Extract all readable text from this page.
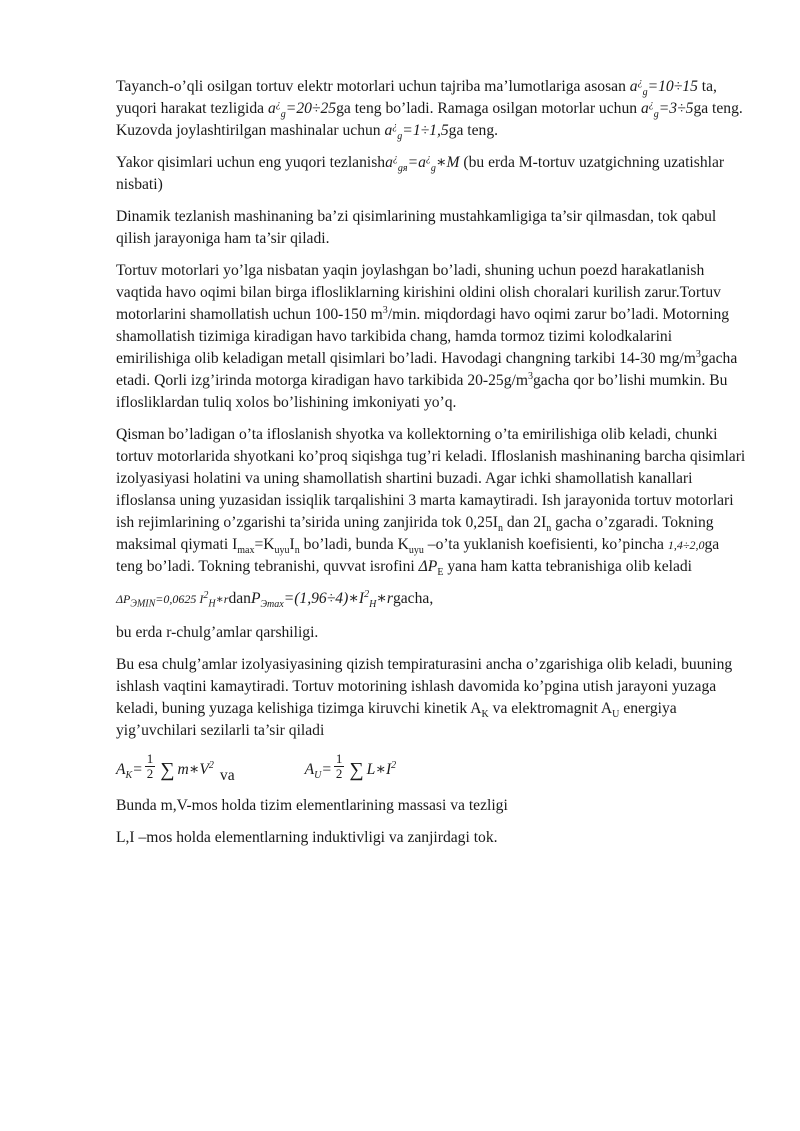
Tayanch-o’qli osilgan tortuv elektr motorlari uchun tajriba ma’lumotlariga asosan $a^¿_g=10\div 15$ ta, yuqori harakat tezligida $a^¿_g=20\div 25ga$ teng bo’ladi. Ramaga osilgan motorlar uchun $a^¿_g=3\div 5ga$ teng. Kuzovda joylashtirilgan mashinalar uchun $a^¿_g=1\div 1,5ga$ teng.

Yakor qisimlari uchun eng yuqori $tezlanisha^¿_{gя}=a^¿_g∗M$ (bu erda M-tortuv uzatgichning uzatishlar nisbati)

Dinamik tezlanish mashinaning ba’zi qisimlarining mustahkamligiga ta’sir qilmasdan, tok qabul qilish jarayoniga ham ta’sir qiladi.

Tortuv motorlari yo’lga nisbatan yaqin joylashgan bo’ladi, shuning uchun poezd harakatlanish vaqtida havo oqimi bilan birga iflosliklarning kirishini oldini olish choralari kurilish zarur.Tortuv motorlarini shamollatish uchun 100-150 $m^3/\min$. miqdordagi havo oqimi zarur bo’ladi. Motorning shamollatish tizimiga kiradigan havo tarkibida chang, hamda tormoz tizimi kolodkalarini emirilishiga olib keladigan metall qisimlari bo’ladi. Havodagi changning tarkibi 14-30 $mg/m^3gacha$ etadi. Qorli izg’irinda motorga kiradigan havo tarkibida $20-25g/m^3gacha$ qor bo’lishi mumkin. Bu iflosliklardan tuliq xolos bo’lishining imkoniyati yo’q.

Qisman bo’ladigan o’ta ifloslanish shyotka va kollektorning o’ta emirilishiga olib keladi, chunki tortuv motorlarida shyotkani ko’proq siqishga tug’ri keladi. Ifloslanish mashinaning barcha qisimlari izolyasiyasi holatini va uning shamollatish shartini buzadi. Agar ichki shamollatish kanallari ifloslansa uning yuzasidan issiqlik tarqalishini 3 marta kamaytiradi. Ish jarayonida tortuv motorlari ish rejimlarining o’zgarishi ta’sirida uning zanjirida tok $0,25I_n$ dan $2I_n$ gacha o’zgaradi. Tokning maksimal qiymati $I_{max}=K_{uyu}I_n$ bo’ladi, bunda $K_{uyu}$ –o’ta yuklanish koefisienti, ko’pincha 1,4÷2,0ga teng bo’ladi. Tokning tebranishi, quvvat isrofini $\Delta P_E$ yana ham katta tebranishiga olib keladi

$\Delta P_{ЭMIN}=0,0625$ $I^2_H∗r$ dan $P_{Эmax}=(1,96\div 4)∗I^2_H∗r$ gacha,

bu erda r-chulg’amlar qarshiligi.

Bu esa chulg’amlar izolyasiyasining qizish tempiraturasini ancha o’zgarishiga olib keladi, buuning ishlash vaqtini kamaytiradi. Tortuv motorining ishlash davomida ko’pgina utish jarayoni yuzaga keladi, buning yuzaga kelishiga tizimga kiruvchi kinetik $A_K$ va elektromagnit $A_U$ energiya yig’uvchilari sezilarli ta’sir qiladi

$A_K= \frac{1}{2}$ ∑ $m∗V^2$
va	$A_U= \frac{1}{2}$ ∑ $L∗I^2$

Bunda m,V-mos holda tizim elementlarining massasi va tezligi

L,I –mos holda elementlarning induktivligi va zanjirdagi tok.
